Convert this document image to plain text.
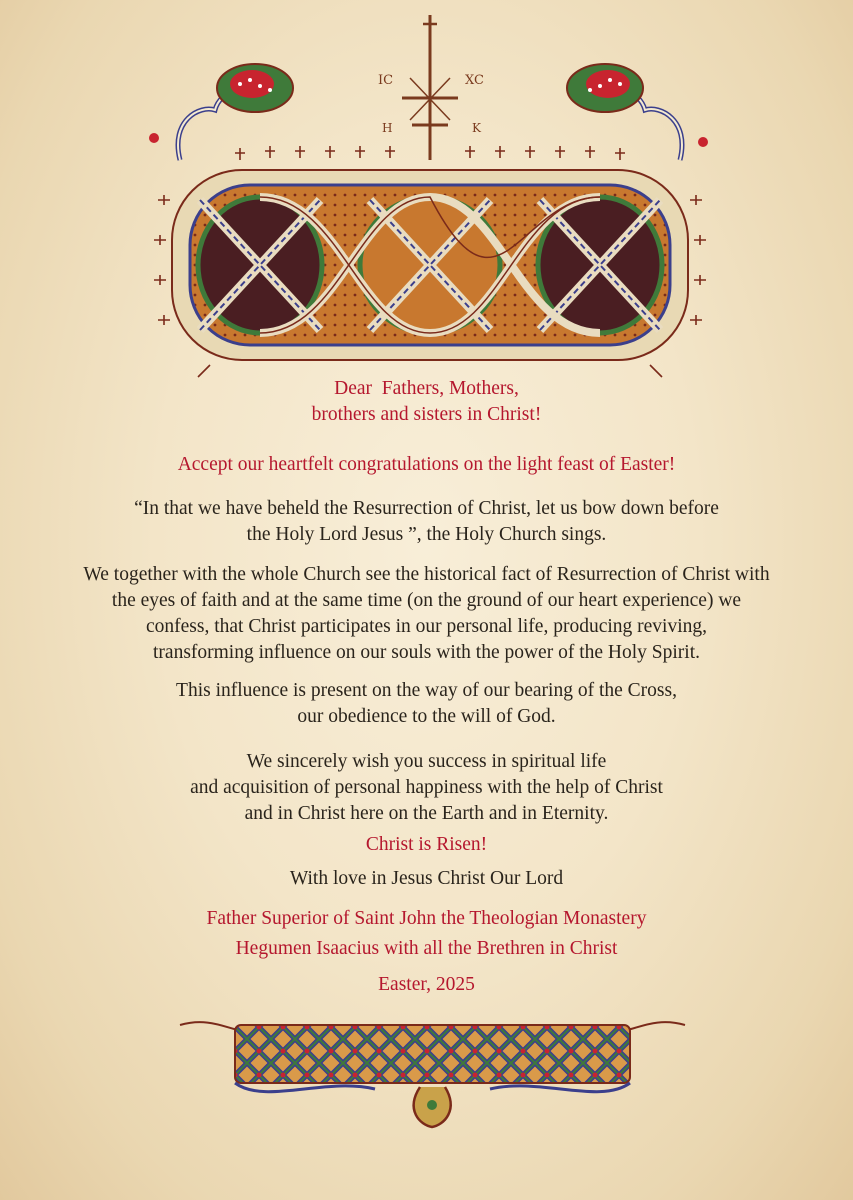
IC	XC
H	K
Dear  Fathers, Mothers,
brothers and sisters in Christ!
Accept our heartfelt congratulations on the light feast of Easter!
“In that we have beheld the Resurrection of Christ, let us bow down before
the Holy Lord Jesus ”, the Holy Church sings.
We together with the whole Church see the historical fact of Resurrection of Christ with
the eyes of faith and at the same time (on the ground of our heart experience) we
confess, that Christ participates in our personal life, producing reviving,
transforming influence on our souls with the power of the Holy Spirit.
This influence is present on the way of our bearing of the Cross,
our obedience to the will of God.
We sincerely wish you success in spiritual life
and acquisition of personal happiness with the help of Christ
and in Christ here on the Earth and in Eternity.
Christ is Risen!
With love in Jesus Christ Our Lord
Father Superior of Saint John the Theologian Monastery
Hegumen Isaacius with all the Brethren in Christ
Easter, 2025
